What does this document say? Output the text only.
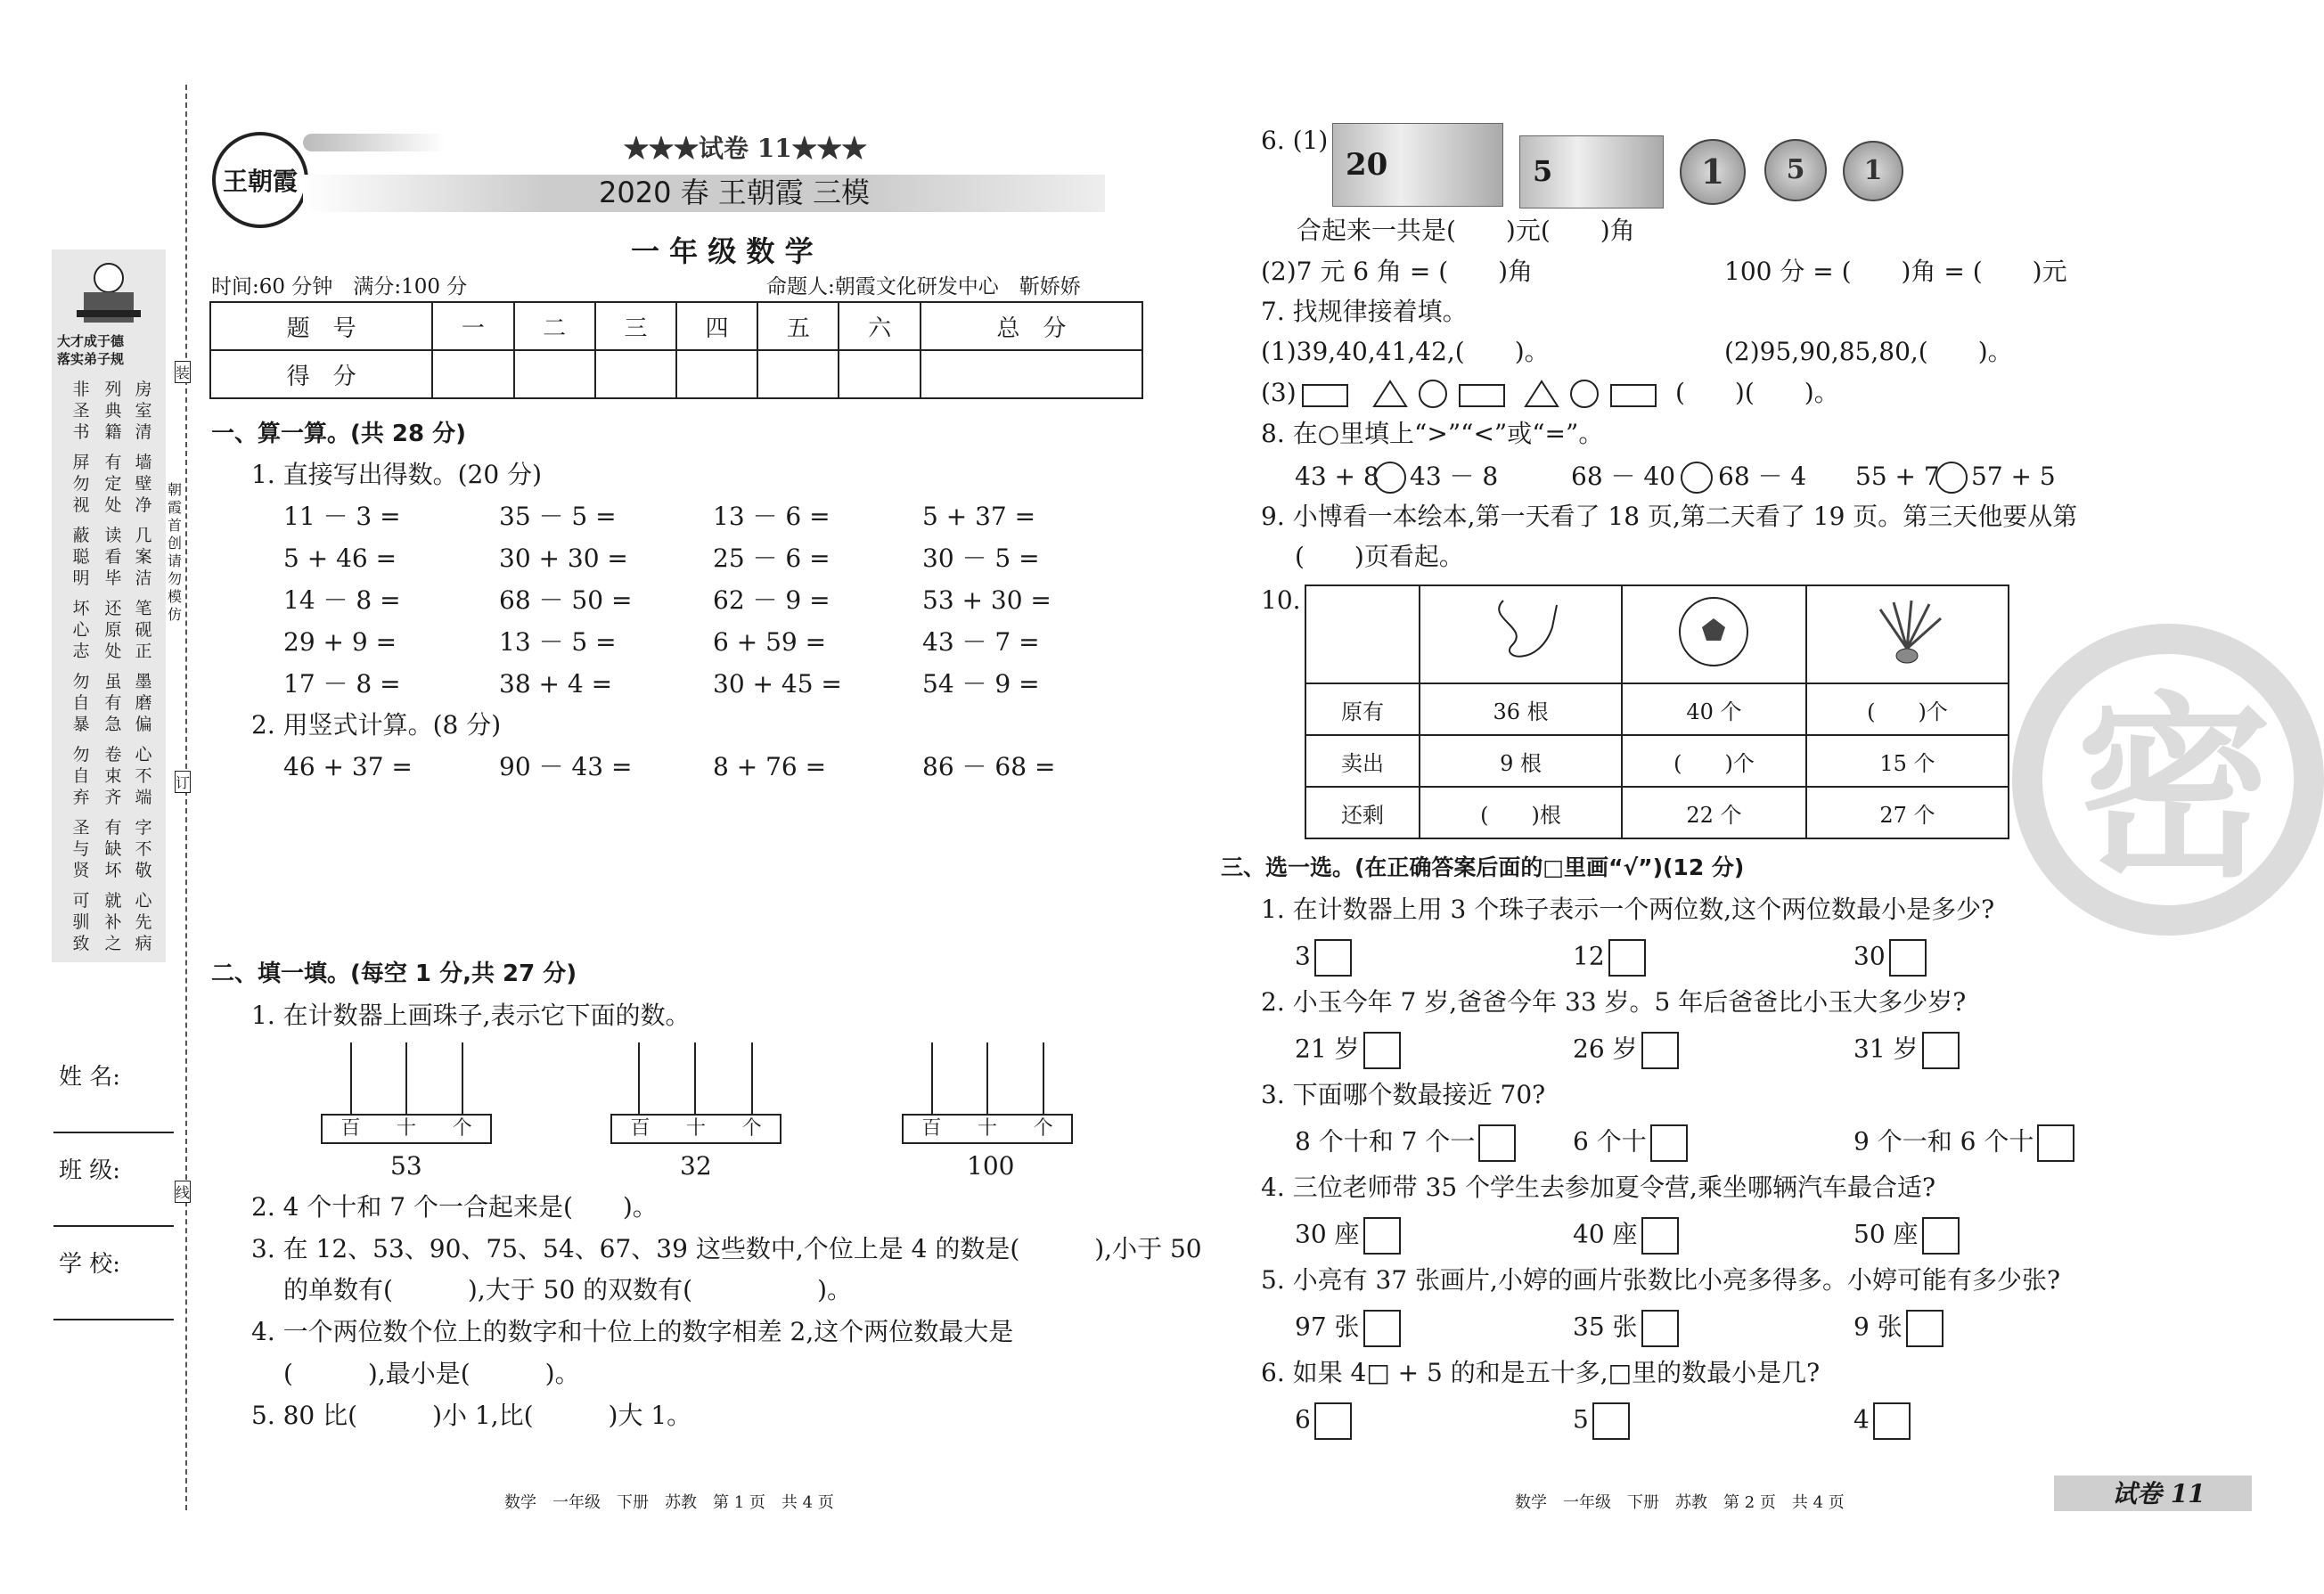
大才成于德
落实弟子规
非圣书
列典籍
房室清
屏勿视
有定处
墙壁净
蔽聪明
读看毕
几案洁
坏心志
还原处
笔砚正
勿自暴
虽有急
墨磨偏
勿自弃
卷束齐
心不端
圣与贤
有缺坏
字不敬
可驯致
就补之
心先病
姓 名:
班 级:
学 校:
装
订
线
朝霞首创 请勿模仿
王朝霞
★★★试卷 11★★★
2020 春 王朝霞 三模
一 年 级 数 学
时间:60 分钟　满分:100 分	命题人:朝霞文化研发中心　靳娇娇
题　号	一	二	三	四	五	六	总　分
得　分							
一、算一算。(共 28 分)
1. 直接写出得数。(20 分)
11 － 3 =	35 － 5 =	13 － 6 =	5 + 37 =
5 + 46 =	30 + 30 =	25 － 6 =	30 － 5 =
14 － 8 =	68 － 50 =	62 － 9 =	53 + 30 =
29 + 9 =	13 － 5 =	6 + 59 =	43 － 7 =
17 － 8 =	38 + 4 =	30 + 45 =	54 － 9 =
2. 用竖式计算。(8 分)
46 + 37 =	90 － 43 =	8 + 76 =	86 － 68 =
二、填一填。(每空 1 分,共 27 分)
1. 在计数器上画珠子,表示它下面的数。
百 十 个
53
百 十 个
32
百 十 个
100
2. 4 个十和 7 个一合起来是(　　)。
3. 在 12、53、90、75、54、67、39 这些数中,个位上是 4 的数是(　　　),小于 50
的单数有(　　　),大于 50 的双数有(　　　　　)。
4. 一个两位数个位上的数字和十位上的数字相差 2,这个两位数最大是
(　　　),最小是(　　　)。
5. 80 比(　　　)小 1,比(　　　)大 1。
数学　一年级　下册　苏教　第 1 页　共 4 页
密
6. (1)
20	5	1	5	1
合起来一共是(　　)元(　　)角
(2)7 元 6 角 = (　　)角	100 分 = (　　)角 = (　　)元
7. 找规律接着填。
(1)39,40,41,42,(　　)。	(2)95,90,85,80,(　　)。
(3)	(　　)(　　)。
8. 在○里填上“>”“<”或“=”。
43 + 8 43 － 8	68 － 40 68 － 4 55 + 7 57 + 5
9. 小博看一本绘本,第一天看了 18 页,第二天看了 19 页。第三天他要从第
(　　)页看起。
10.

原有	36 根	40 个	(　　)个
卖出	9 根	(　　)个	15 个
还剩	(　　)根	22 个	27 个
三、选一选。(在正确答案后面的□里画“√”)(12 分)
1. 在计数器上用 3 个珠子表示一个两位数,这个两位数最小是多少?
3	12	30
2. 小玉今年 7 岁,爸爸今年 33 岁。5 年后爸爸比小玉大多少岁?
21 岁	26 岁	31 岁
3. 下面哪个数最接近 70?
8 个十和 7 个一	6 个十	9 个一和 6 个十
4. 三位老师带 35 个学生去参加夏令营,乘坐哪辆汽车最合适?
30 座	40 座	50 座
5. 小亮有 37 张画片,小婷的画片张数比小亮多得多。小婷可能有多少张?
97 张	35 张	9 张
6. 如果 4□ + 5 的和是五十多,□里的数最小是几?
6	5	4
数学　一年级　下册　苏教　第 2 页　共 4 页	试卷 11
